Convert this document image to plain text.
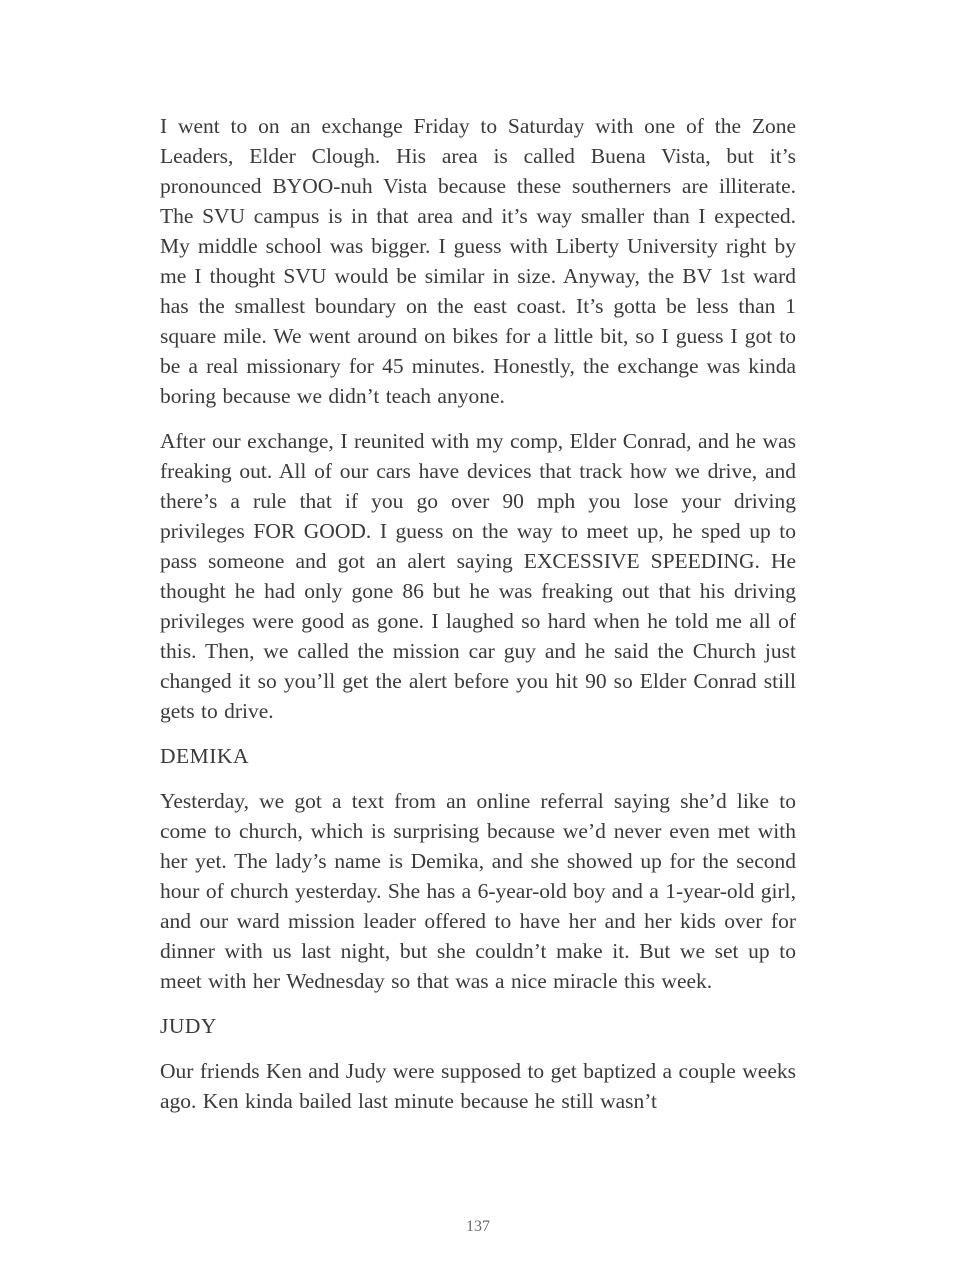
I went to on an exchange Friday to Saturday with one of the Zone Leaders, Elder Clough. His area is called Buena Vista, but it’s pronounced BYOO-nuh Vista because these southerners are illiterate. The SVU campus is in that area and it’s way smaller than I expected. My middle school was bigger. I guess with Liberty University right by me I thought SVU would be similar in size. Anyway, the BV 1st ward has the smallest boundary on the east coast. It’s gotta be less than 1 square mile. We went around on bikes for a little bit, so I guess I got to be a real missionary for 45 minutes. Honestly, the exchange was kinda boring because we didn’t teach anyone.

After our exchange, I reunited with my comp, Elder Conrad, and he was freaking out. All of our cars have devices that track how we drive, and there’s a rule that if you go over 90 mph you lose your driving privileges FOR GOOD. I guess on the way to meet up, he sped up to pass someone and got an alert saying EXCESSIVE SPEEDING. He thought he had only gone 86 but he was freaking out that his driving privileges were good as gone. I laughed so hard when he told me all of this. Then, we called the mission car guy and he said the Church just changed it so you’ll get the alert before you hit 90 so Elder Conrad still gets to drive.

DEMIKA

Yesterday, we got a text from an online referral saying she’d like to come to church, which is surprising because we’d never even met with her yet. The lady’s name is Demika, and she showed up for the second hour of church yesterday. She has a 6-year-old boy and a 1-year-old girl, and our ward mission leader offered to have her and her kids over for dinner with us last night, but she couldn’t make it. But we set up to meet with her Wednesday so that was a nice miracle this week.

JUDY

Our friends Ken and Judy were supposed to get baptized a couple weeks ago. Ken kinda bailed last minute because he still wasn’t

137
